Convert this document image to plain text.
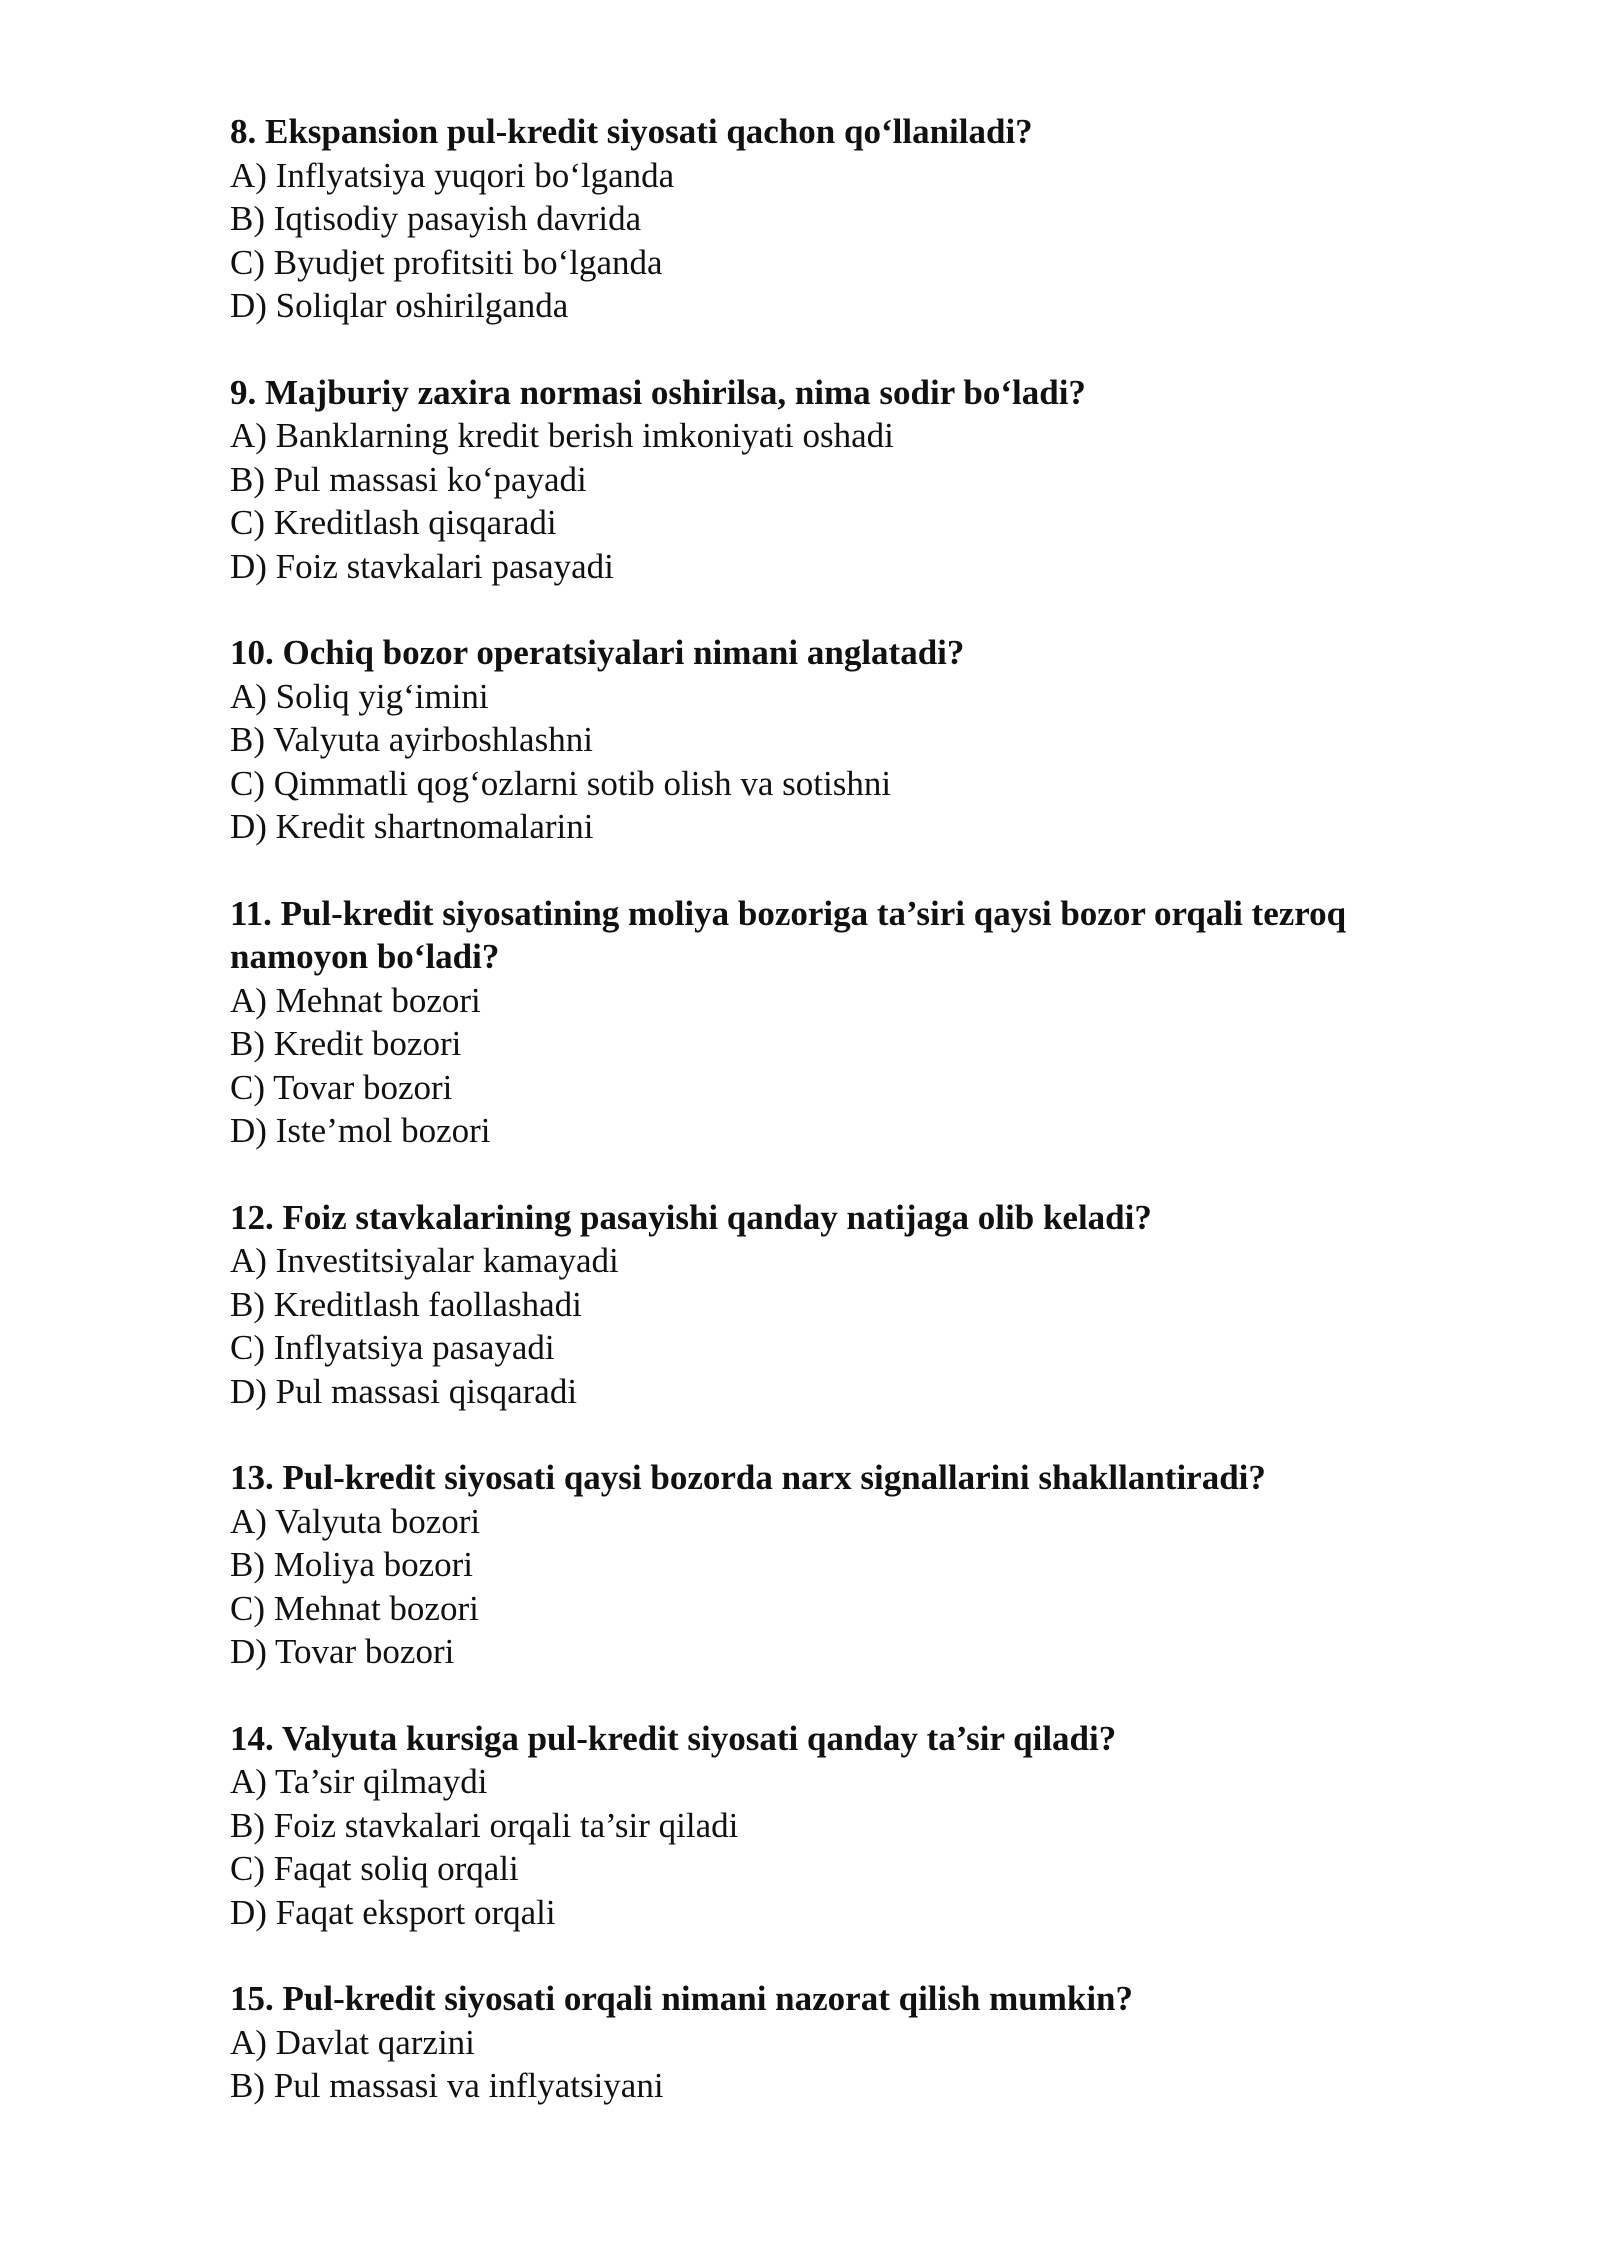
8. Ekspansion pul-kredit siyosati qachon qo‘llaniladi?

A) Inflyatsiya yuqori bo‘lganda

B) Iqtisodiy pasayish davrida

C) Byudjet profitsiti bo‘lganda

D) Soliqlar oshirilganda

9. Majburiy zaxira normasi oshirilsa, nima sodir bo‘ladi?

A) Banklarning kredit berish imkoniyati oshadi

B) Pul massasi ko‘payadi

C) Kreditlash qisqaradi

D) Foiz stavkalari pasayadi

10. Ochiq bozor operatsiyalari nimani anglatadi?

A) Soliq yig‘imini

B) Valyuta ayirboshlashni

C) Qimmatli qog‘ozlarni sotib olish va sotishni

D) Kredit shartnomalarini

11. Pul-kredit siyosatining moliya bozoriga ta’siri qaysi bozor orqali tezroq namoyon bo‘ladi?

A) Mehnat bozori

B) Kredit bozori

C) Tovar bozori

D) Iste’mol bozori

12. Foiz stavkalarining pasayishi qanday natijaga olib keladi?

A) Investitsiyalar kamayadi

B) Kreditlash faollashadi

C) Inflyatsiya pasayadi

D) Pul massasi qisqaradi

13. Pul-kredit siyosati qaysi bozorda narx signallarini shakllantiradi?

A) Valyuta bozori

B) Moliya bozori

C) Mehnat bozori

D) Tovar bozori

14. Valyuta kursiga pul-kredit siyosati qanday ta’sir qiladi?

A) Ta’sir qilmaydi

B) Foiz stavkalari orqali ta’sir qiladi

C) Faqat soliq orqali

D) Faqat eksport orqali

15. Pul-kredit siyosati orqali nimani nazorat qilish mumkin?

A) Davlat qarzini

B) Pul massasi va inflyatsiyani
